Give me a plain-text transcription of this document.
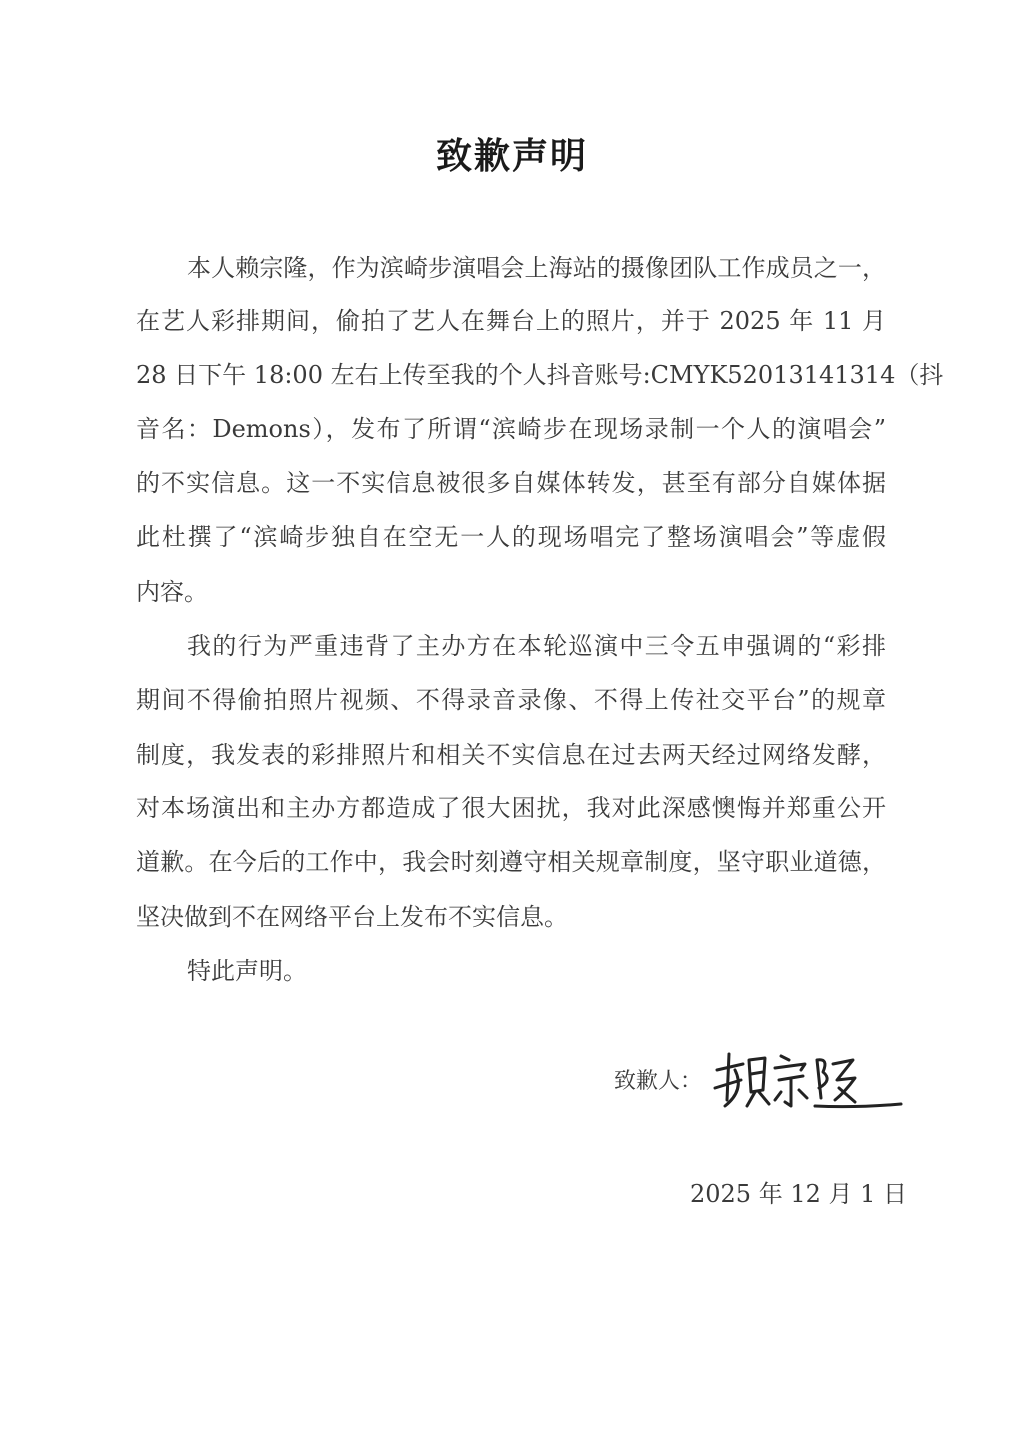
致歉声明
本人赖宗隆，作为滨崎步演唱会上海站的摄像团队工作成员之一，
在艺人彩排期间，偷拍了艺人在舞台上的照片，并于 2025 年 11 月
28 日下午 18:00 左右上传至我的个人抖音账号:CMYK52013141314（抖
音名：Demons），发布了所谓“滨崎步在现场录制一个人的演唱会”
的不实信息。这一不实信息被很多自媒体转发，甚至有部分自媒体据
此杜撰了“滨崎步独自在空无一人的现场唱完了整场演唱会”等虚假
内容。
我的行为严重违背了主办方在本轮巡演中三令五申强调的“彩排
期间不得偷拍照片视频、不得录音录像、不得上传社交平台”的规章
制度，我发表的彩排照片和相关不实信息在过去两天经过网络发酵，
对本场演出和主办方都造成了很大困扰，我对此深感懊悔并郑重公开
道歉。在今后的工作中，我会时刻遵守相关规章制度，坚守职业道德，
坚决做到不在网络平台上发布不实信息。
特此声明。
致歉人：
2025 年 12 月 1 日
